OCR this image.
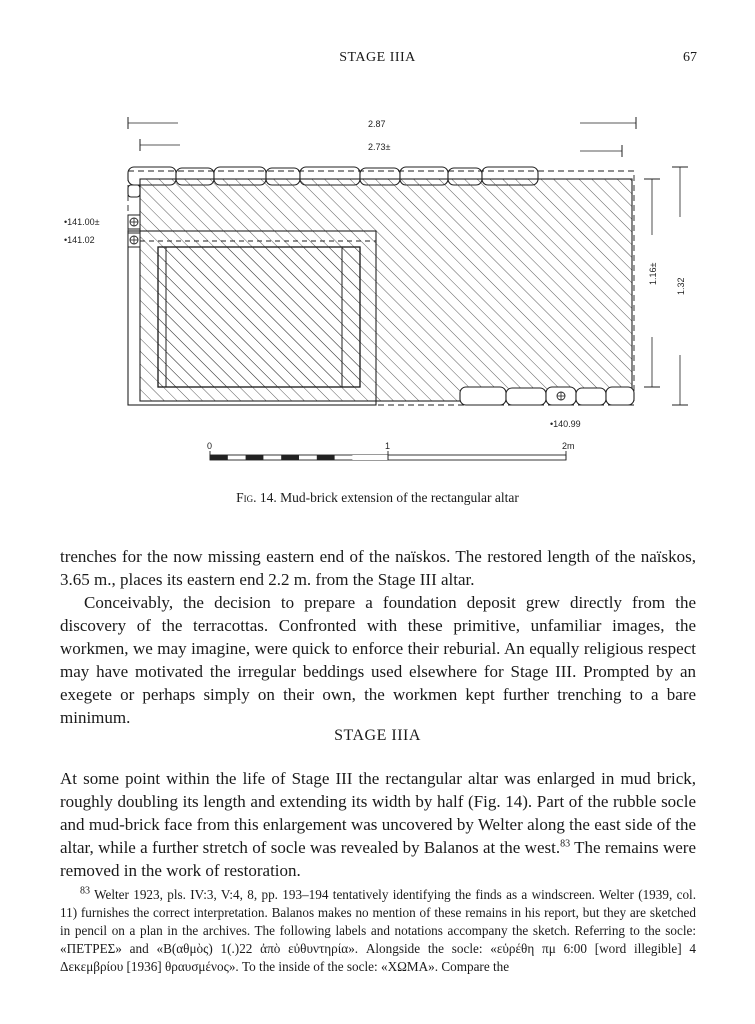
STAGE IIIA	67
2.87
2.73±
•141.00±
•141.02
•140.99
1.16±
1.32
0	1	2m
Fig. 14. Mud-brick extension of the rectangular altar

trenches for the now missing eastern end of the naïskos. The restored length of the naïskos, 3.65 m., places its eastern end 2.2 m. from the Stage III altar.

Conceivably, the decision to prepare a foundation deposit grew directly from the discovery of the terracottas. Confronted with these primitive, unfamiliar images, the workmen, we may imagine, were quick to enforce their reburial. An equally religious respect may have motivated the irregular beddings used elsewhere for Stage III. Prompted by an exegete or perhaps simply on their own, the workmen kept further trenching to a bare minimum.

STAGE IIIA

At some point within the life of Stage III the rectangular altar was enlarged in mud brick, roughly doubling its length and extending its width by half (Fig. 14). Part of the rubble socle and mud-brick face from this enlargement was uncovered by Welter along the east side of the altar, while a further stretch of socle was revealed by Balanos at the west.$^{83}$ The remains were removed in the work of restoration.

$^{83}$ Welter 1923, pls. IV:3, V:4, 8, pp. 193–194 tentatively identifying the finds as a windscreen. Welter (1939, col. 11) furnishes the correct interpretation. Balanos makes no mention of these remains in his report, but they are sketched in pencil on a plan in the archives. The following labels and notations accompany the sketch. Referring to the socle: «ΠΕΤΡΕΣ» and «Β(αθμὸς) 1(.)22 ἀπὸ εὐθυντηρία». Alongside the socle: «εὑρέθη πμ 6:00 [word illegible] 4 Δεκεμβρίου [1936] θραυσμένος». To the inside of the socle: «ΧΩΜΑ». Compare the
